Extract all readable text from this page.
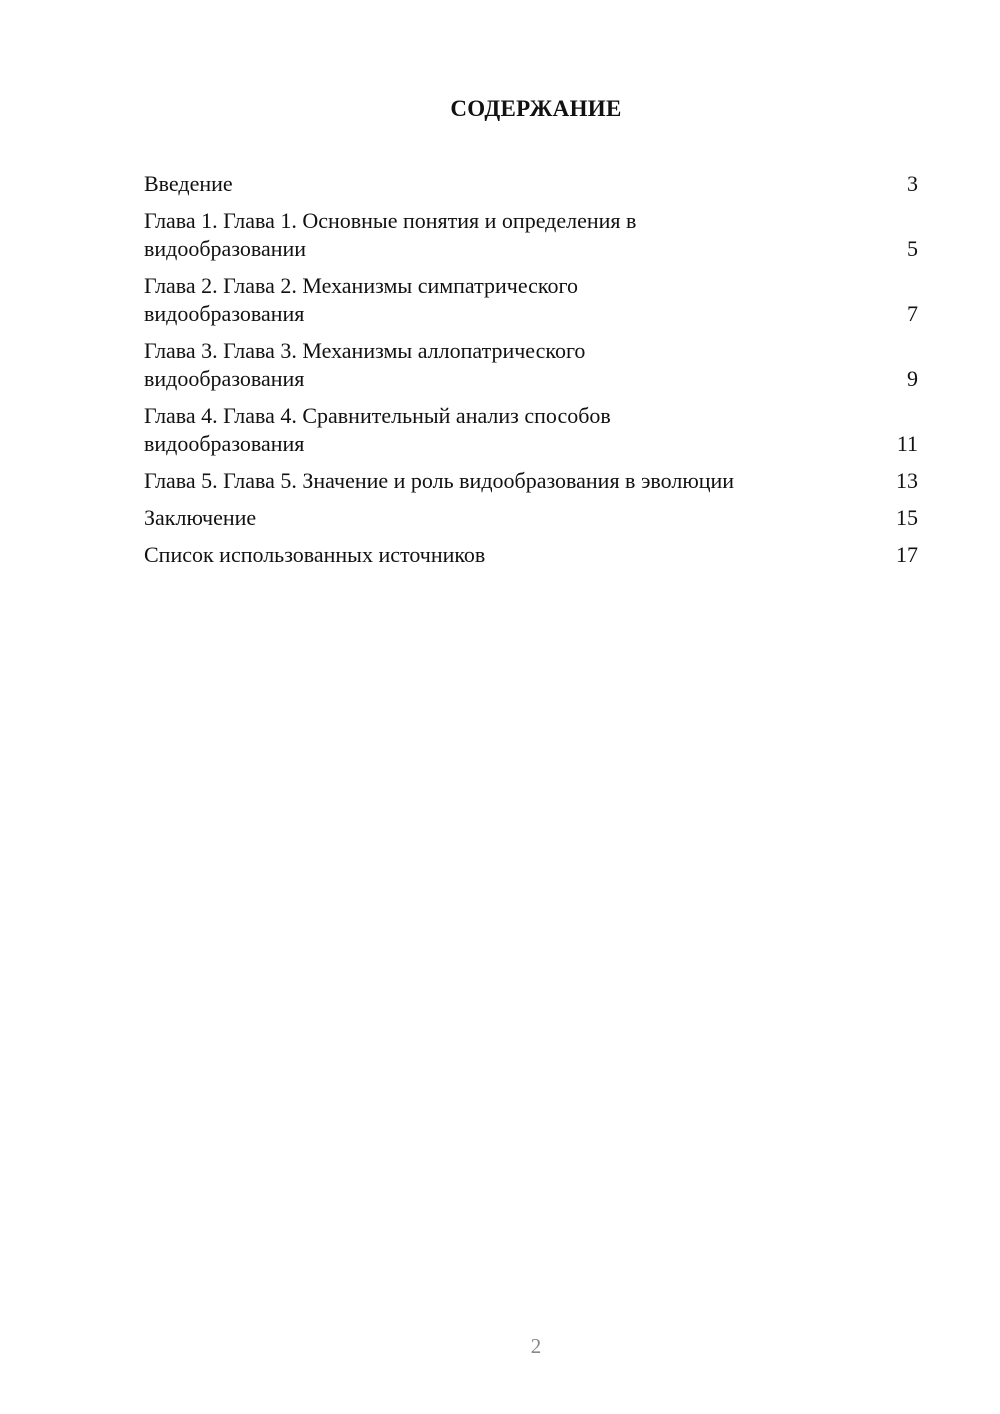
СОДЕРЖАНИЕ
Введение	3
Глава 1. Глава 1. Основные понятия и определения в
видообразовании	5
Глава 2. Глава 2. Механизмы симпатрического
видообразования	7
Глава 3. Глава 3. Механизмы аллопатрического
видообразования	9
Глава 4. Глава 4. Сравнительный анализ способов
видообразования	11
Глава 5. Глава 5. Значение и роль видообразования в эволюции	13
Заключение	15
Список использованных источников	17
2
